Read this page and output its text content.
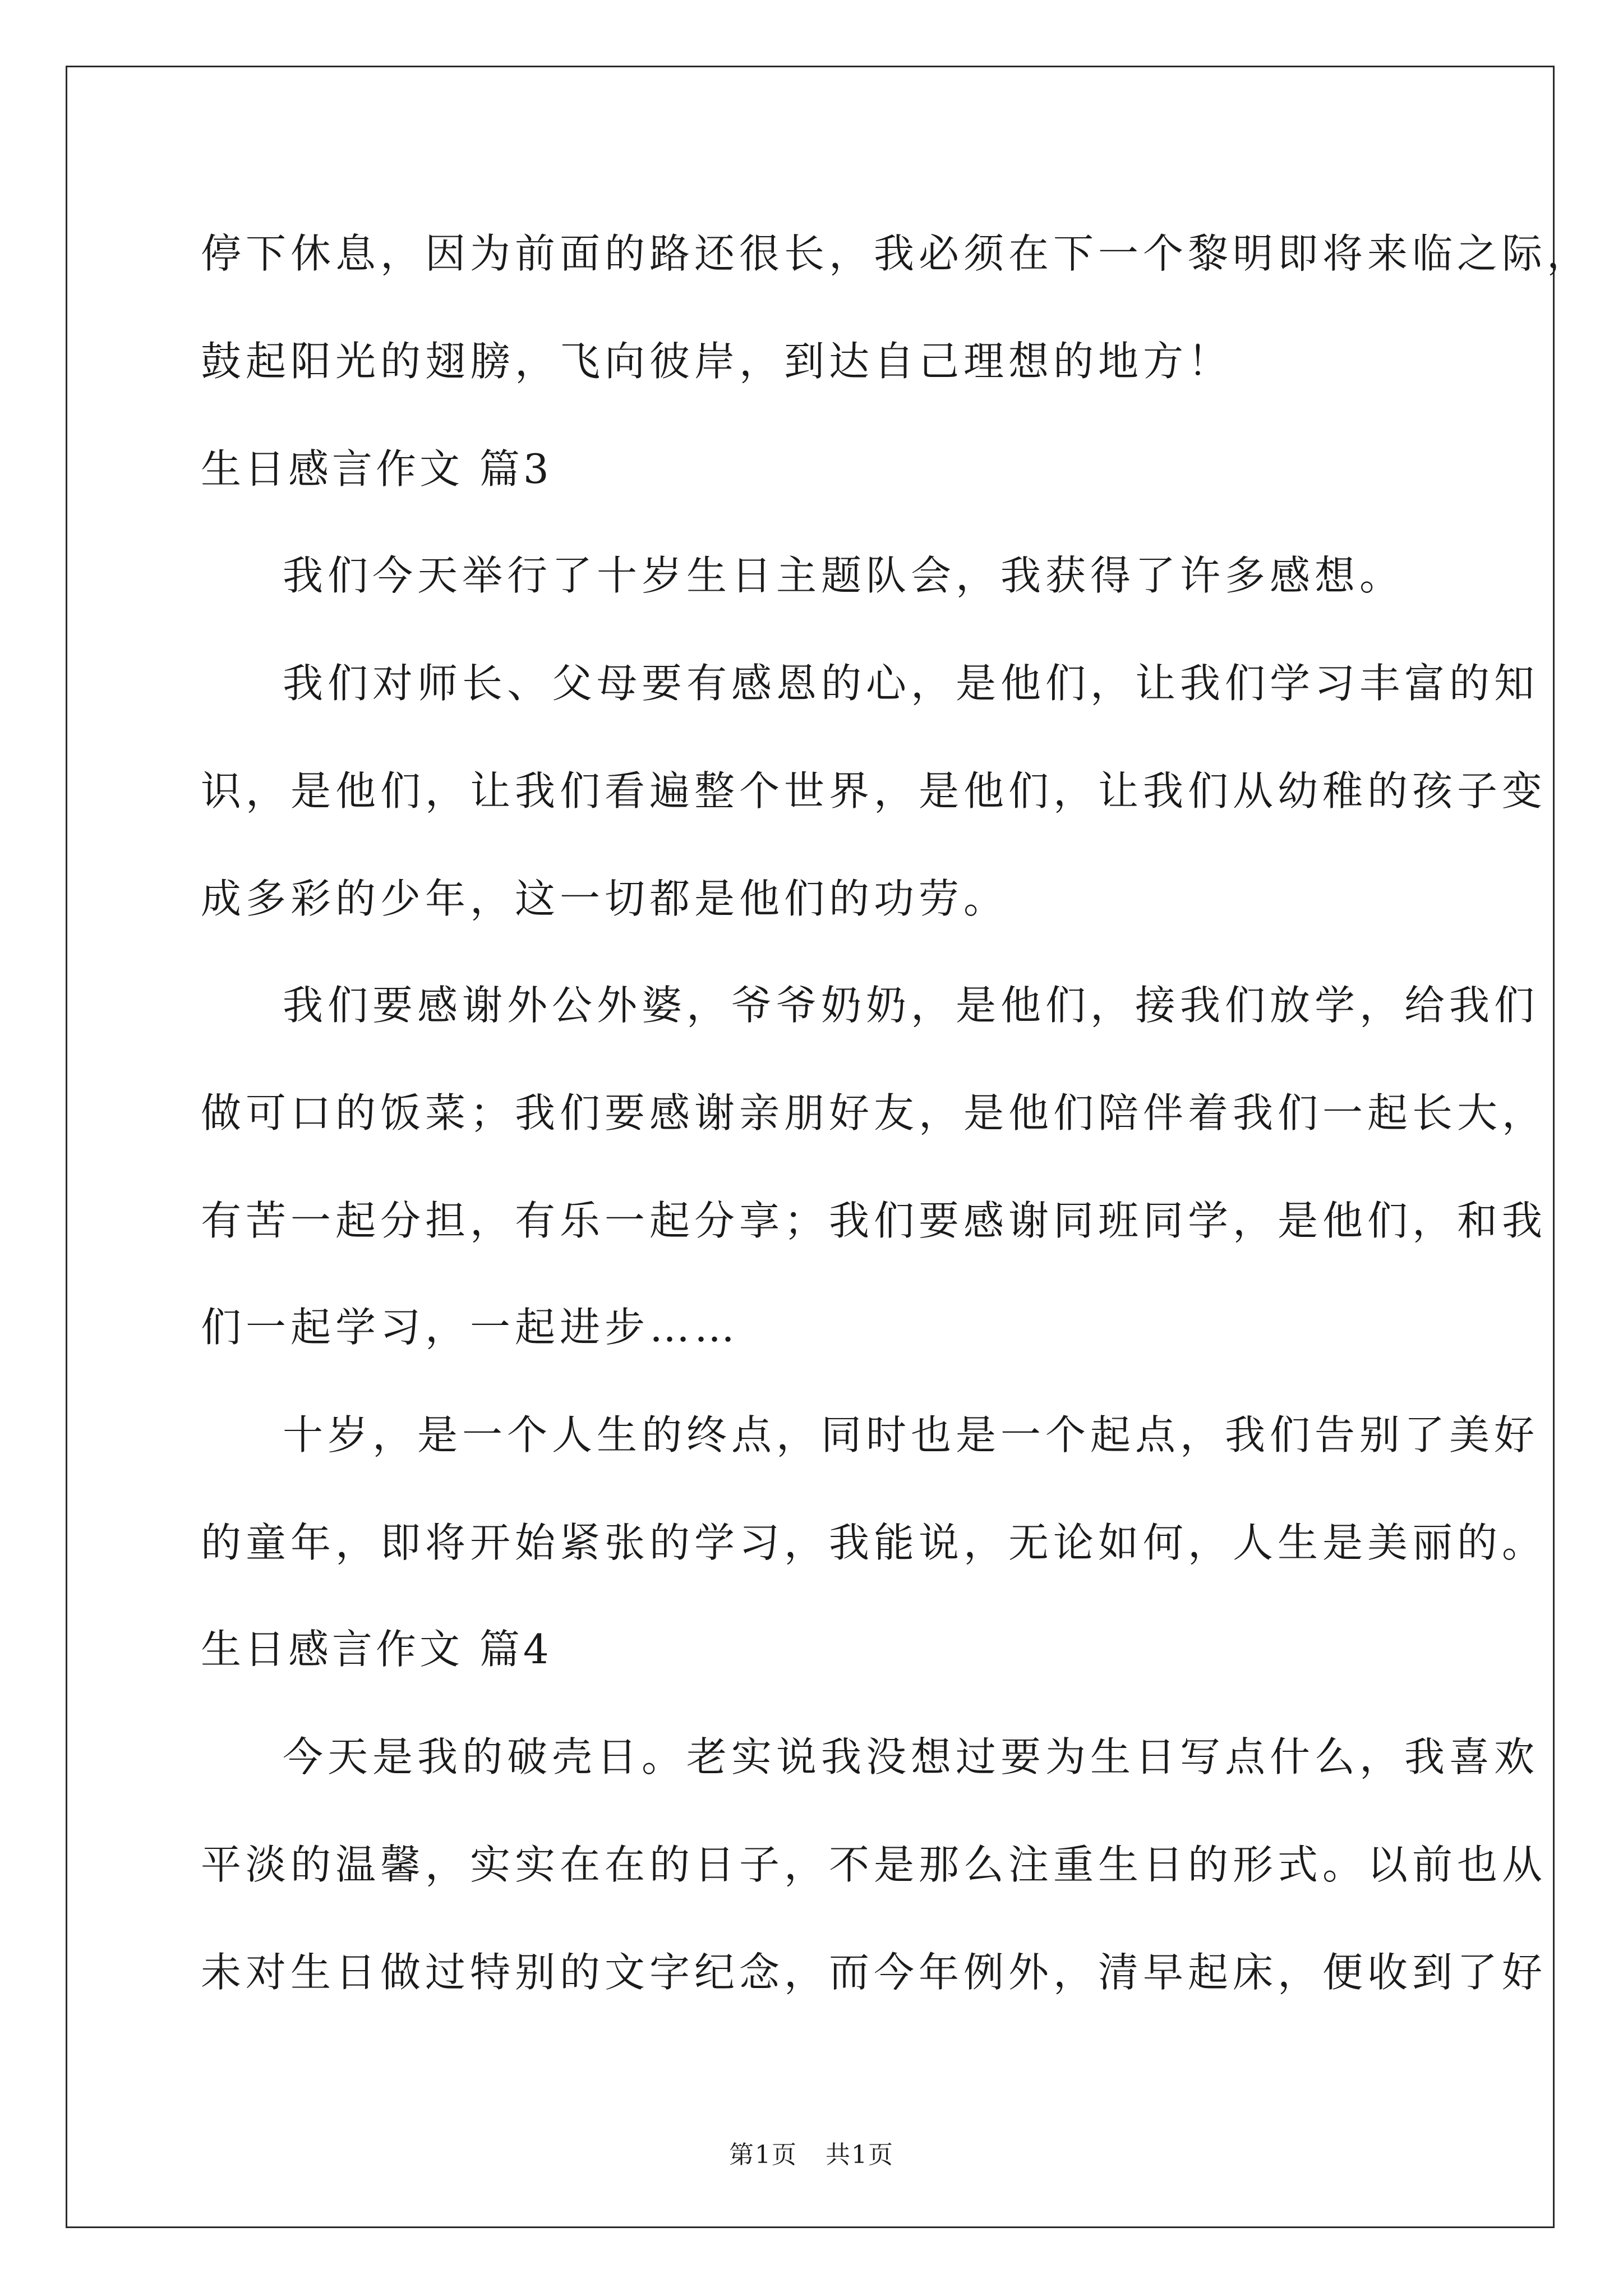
停下休息，因为前面的路还很长，我必须在下一个黎明即将来临之际，
鼓起阳光的翅膀，飞向彼岸，到达自己理想的地方！
生日感言作文 篇3
我们今天举行了十岁生日主题队会，我获得了许多感想。
我们对师长、父母要有感恩的心，是他们，让我们学习丰富的知
识，是他们，让我们看遍整个世界，是他们，让我们从幼稚的孩子变
成多彩的少年，这一切都是他们的功劳。
我们要感谢外公外婆，爷爷奶奶，是他们，接我们放学，给我们
做可口的饭菜；我们要感谢亲朋好友，是他们陪伴着我们一起长大，
有苦一起分担，有乐一起分享；我们要感谢同班同学，是他们，和我
们一起学习，一起进步……
十岁，是一个人生的终点，同时也是一个起点，我们告别了美好
的童年，即将开始紧张的学习，我能说，无论如何，人生是美丽的。
生日感言作文 篇4
今天是我的破壳日。老实说我没想过要为生日写点什么，我喜欢
平淡的温馨，实实在在的日子，不是那么注重生日的形式。以前也从
未对生日做过特别的文字纪念，而今年例外，清早起床，便收到了好
第1页 共1页
